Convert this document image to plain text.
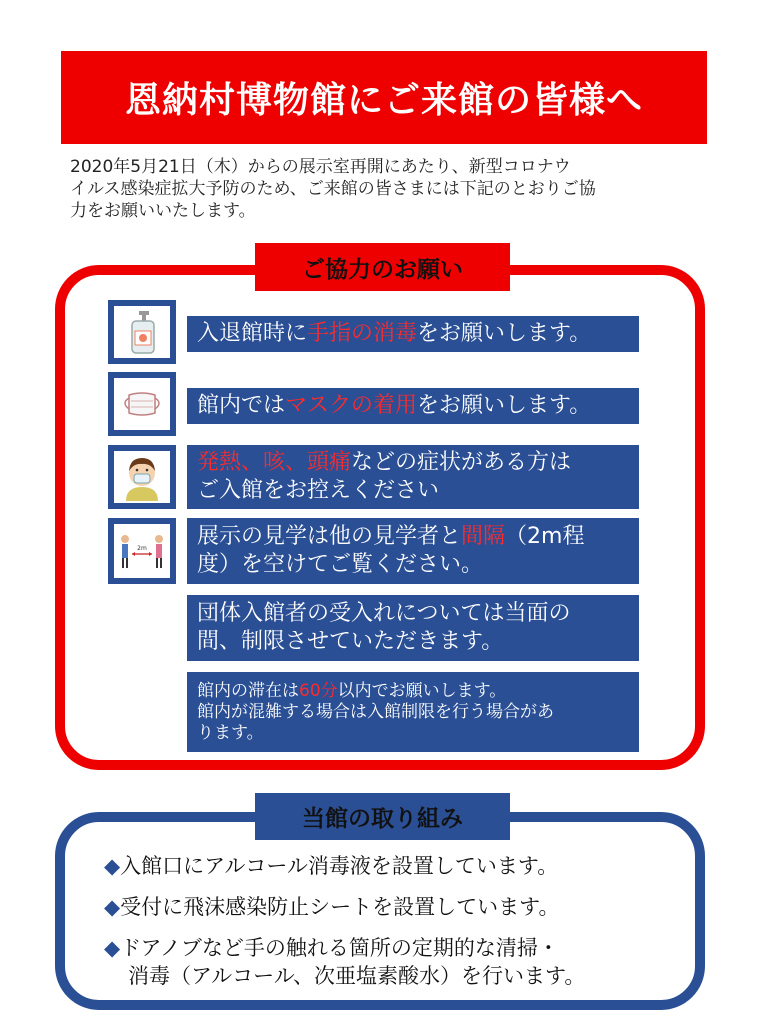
恩納村博物館にご来館の皆様へ

2020年5月21日（木）からの展示室再開にあたり、新型コロナウ

イルス感染症拡大予防のため、ご来館の皆さまには下記のとおりご協

力をお願いいたします。

ご協力のお願い
2m
入退館時に手指の消毒をお願いします。
館内ではマスクの着用をお願いします。
発熱、咳、頭痛などの症状がある方は
ご入館をお控えください
展示の見学は他の見学者と間隔（2m程
度）を空けてご覧ください。
団体入館者の受入れについては当面の
間、制限させていただきます。
館内の滞在は60分以内でお願いします。
館内が混雑する場合は入館制限を行う場合があ
ります。
当館の取り組み
◆入館口にアルコール消毒液を設置しています。
◆受付に飛沫感染防止シートを設置しています。
◆ドアノブなど手の触れる箇所の定期的な清掃・
消毒（アルコール、次亜塩素酸水）を行います。
